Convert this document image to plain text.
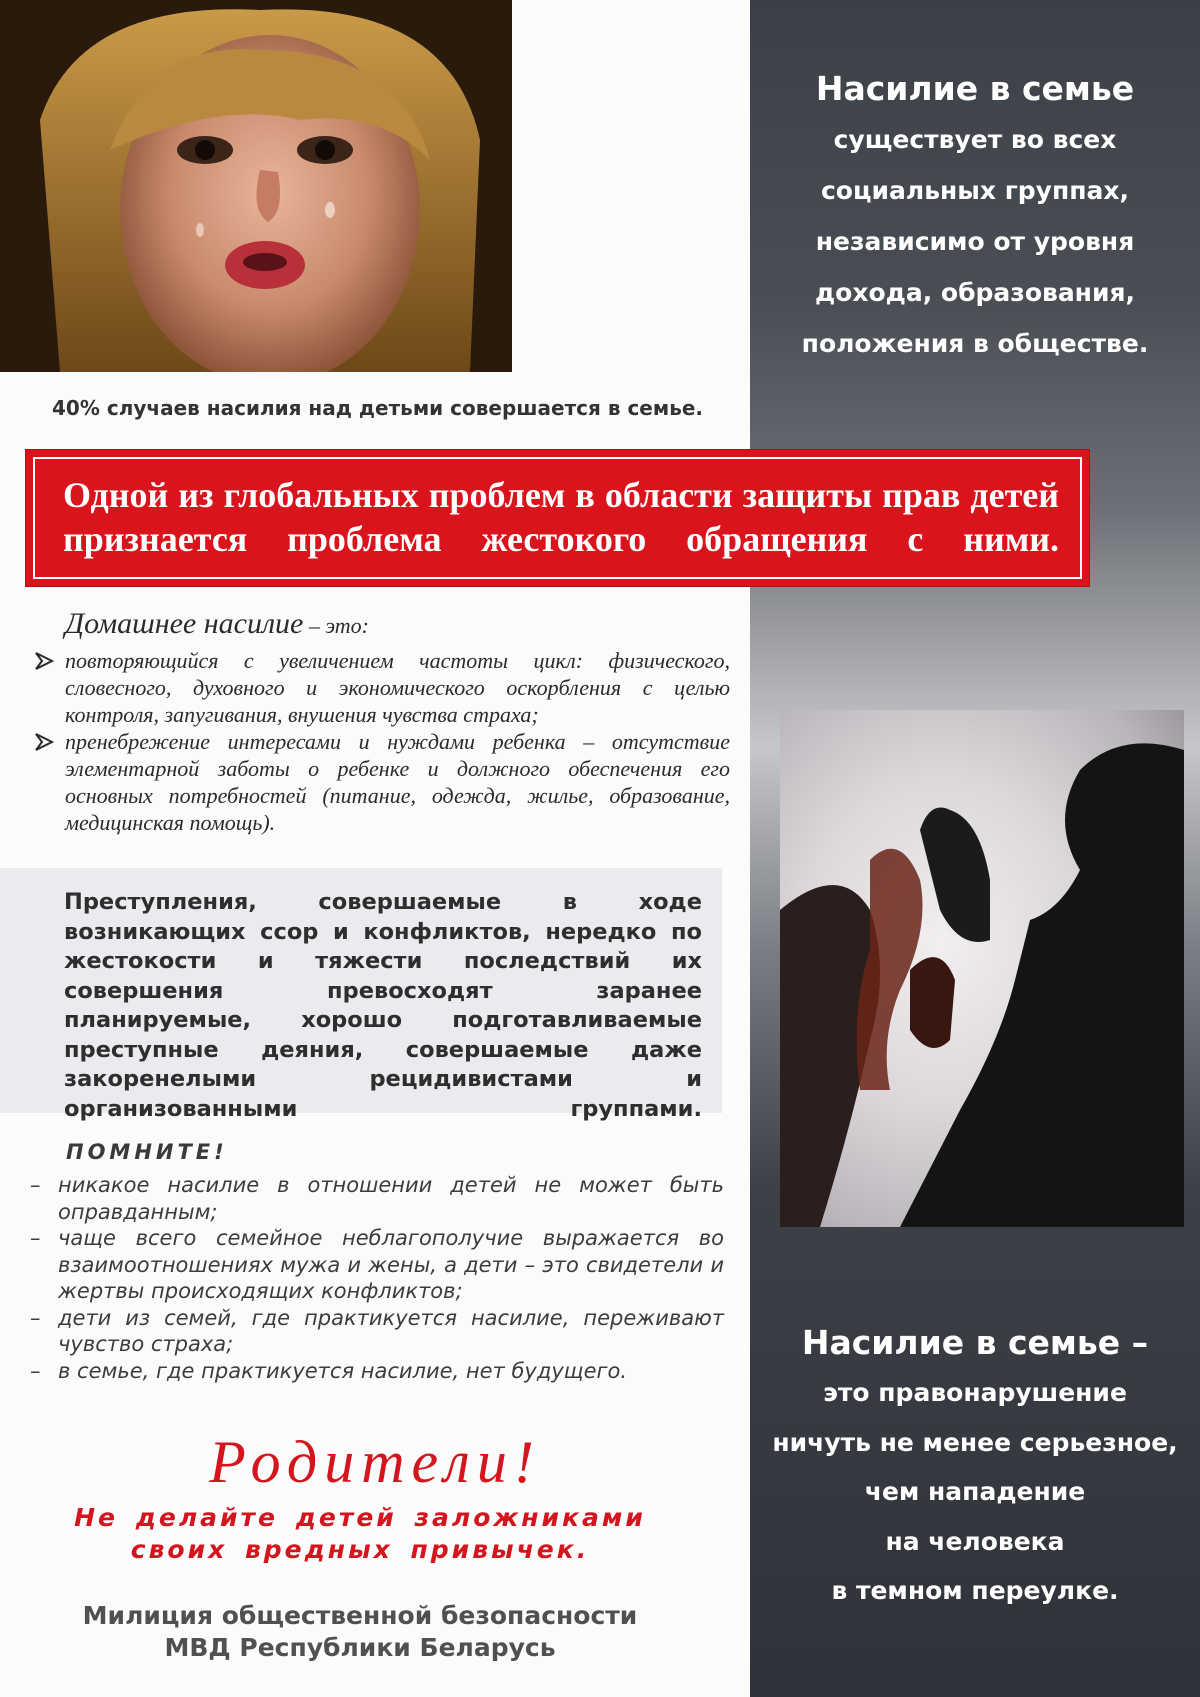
40% случаев насилия над детьми совершается в семье.
Одной из глобальных проблем в области защиты прав детей признается проблема жестокого обращения с ними.
Домашнее насилие – это:
повторяющийся с увеличением частоты цикл: физического, словесного, духовного и экономического оскорбления с целью контроля, запугивания, внушения чувства страха;
пренебрежение интересами и нуждами ребенка – отсутствие элементарной заботы о ребенке и должного обеспечения его основных потребностей (питание, одежда, жилье, образование, медицинская помощь).
Преступления, совершаемые в ходе возникающих ссор и конфликтов, нередко по жестокости и тяжести последствий их совершения превосходят заранее планируемые, хорошо подготавливаемые преступные деяния, совершаемые даже закоренелыми рецидивистами и организованными группами.
ПОМНИТЕ!
– никакое насилие в отношении детей не может быть оправданным;
– чаще всего семейное неблагополучие выражается во взаимоотношениях мужа и жены, а дети – это свидетели и жертвы происходящих конфликтов;
– дети из семей, где практикуется насилие, переживают чувство страха;
– в семье, где практикуется насилие, нет будущего.
Родители!
Не делайте детей заложниками
своих вредных привычек.
Милиция общественной безопасности
МВД Республики Беларусь
Насилие в семье
существует во всех
социальных группах,
независимо от уровня
дохода, образования,
положения в обществе.
Насилие в семье –
это правонарушение
ничуть не менее серьезное,
чем нападение
на человека
в темном переулке.
